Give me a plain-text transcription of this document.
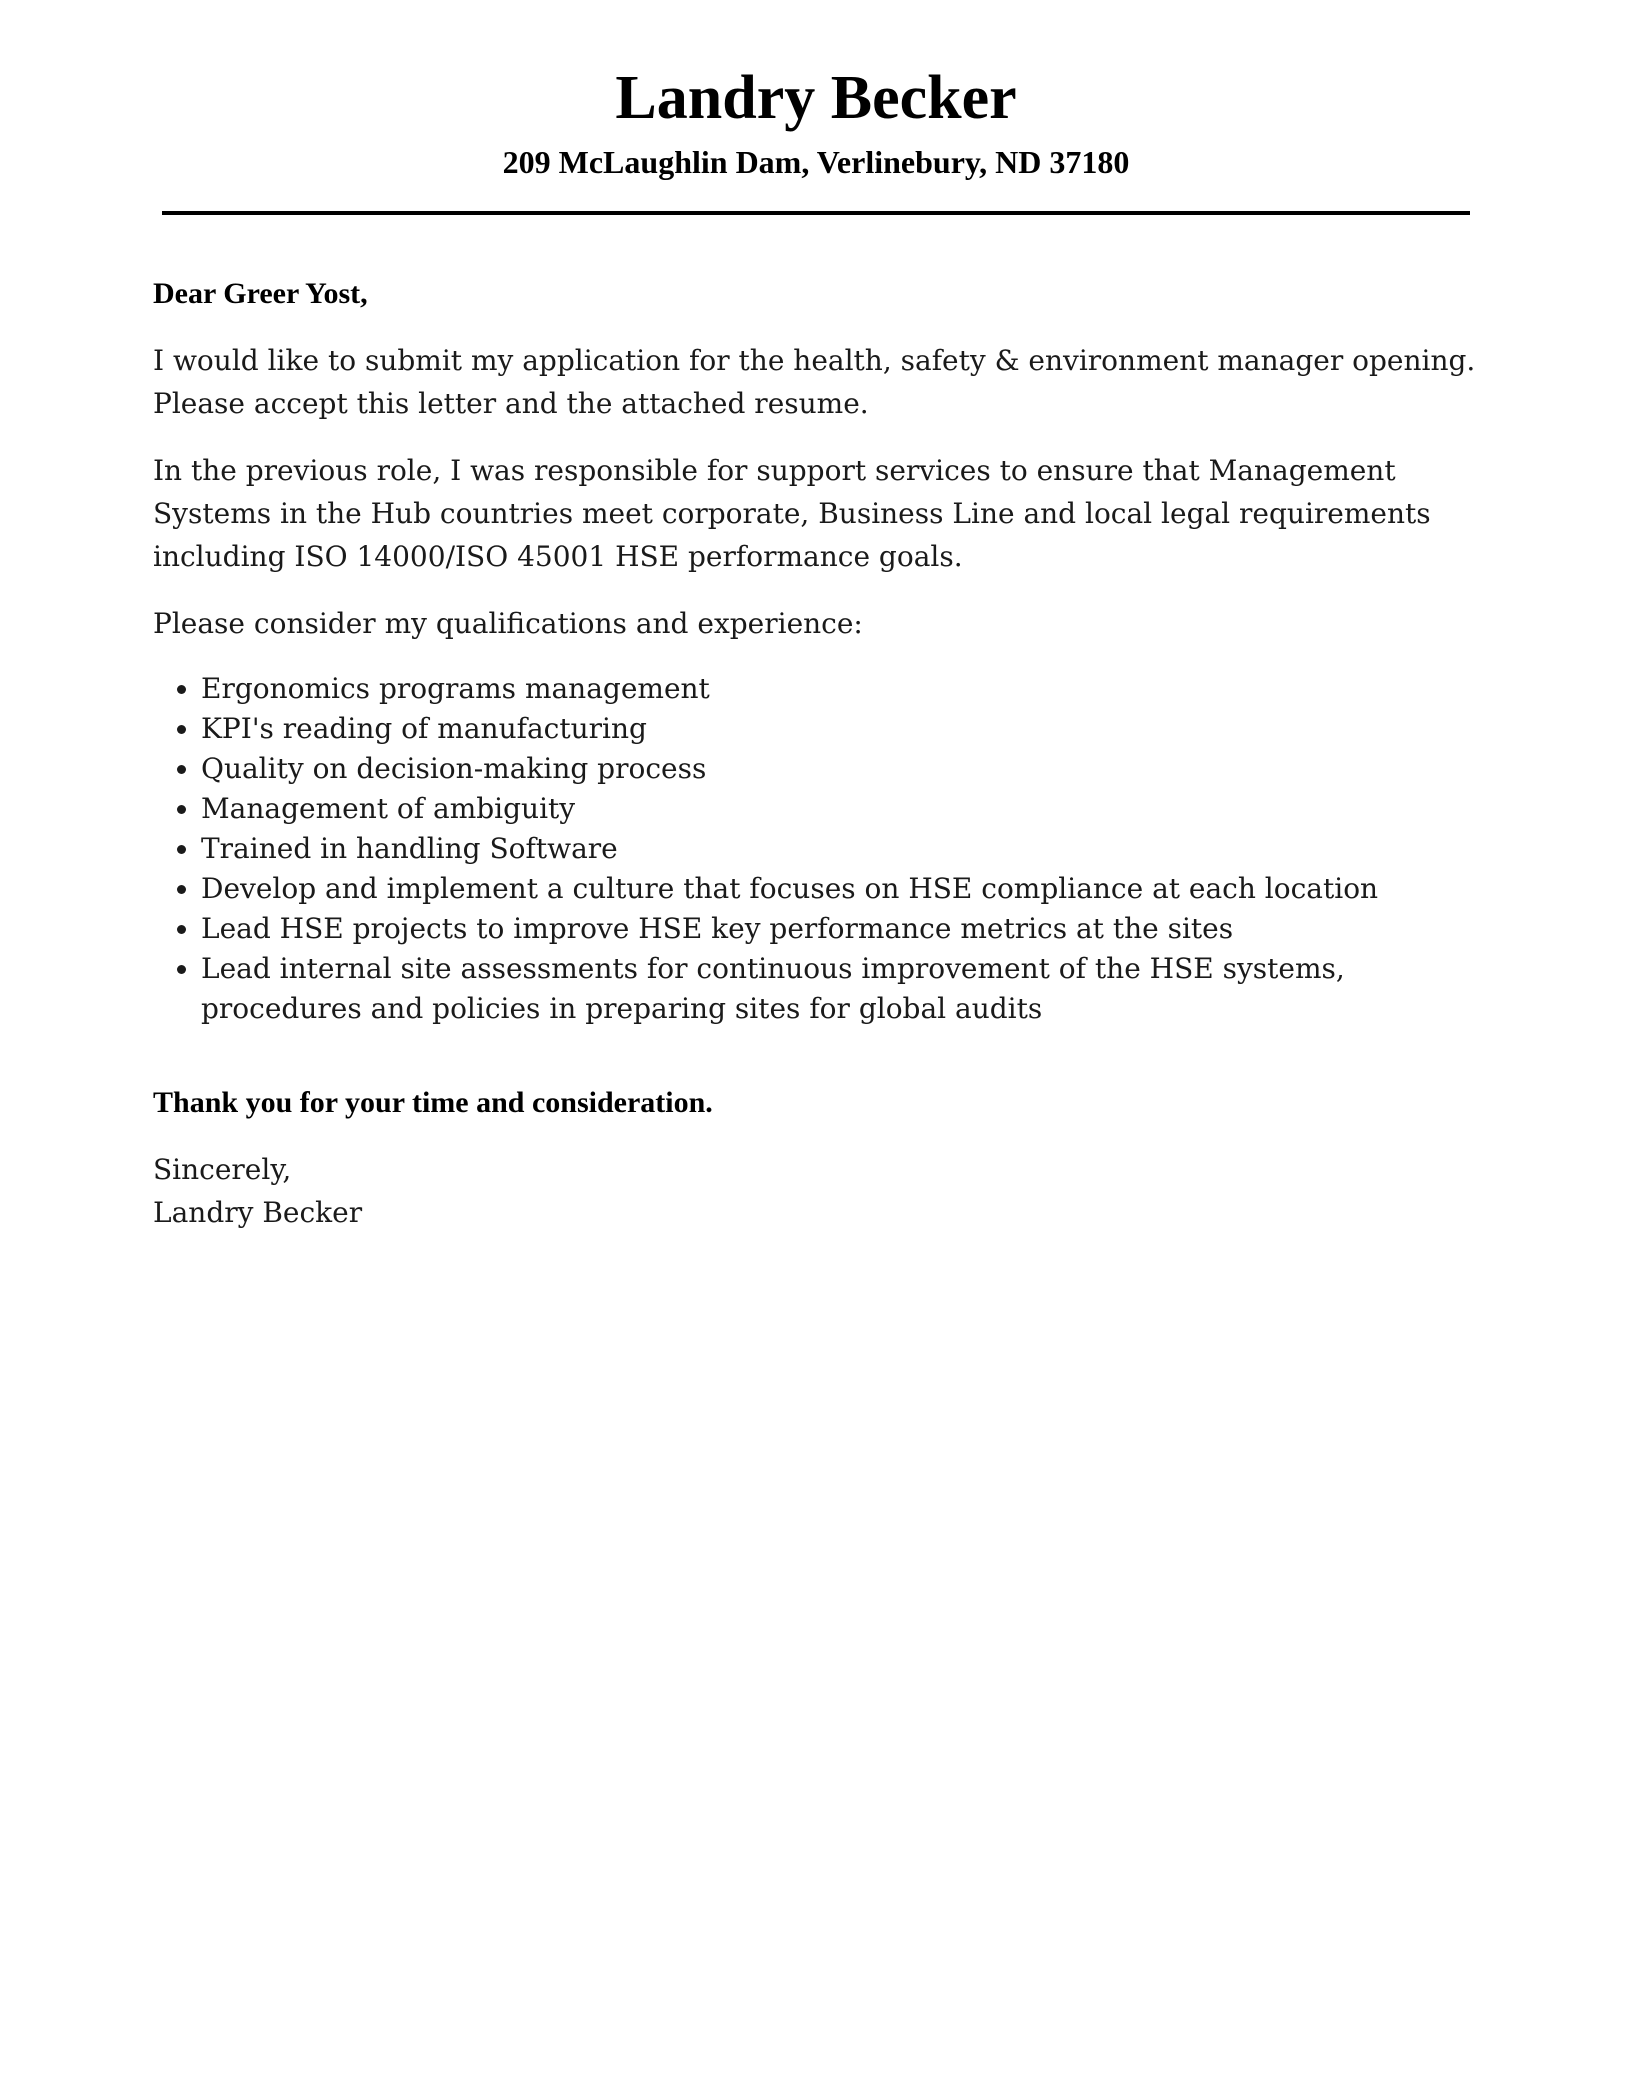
Landry Becker
209 McLaughlin Dam, Verlinebury, ND 37180

Dear Greer Yost,

I would like to submit my application for the health, safety & environment manager opening. Please accept this letter and the attached resume.

In the previous role, I was responsible for support services to ensure that Management Systems in the Hub countries meet corporate, Business Line and local legal requirements including ISO 14000/ISO 45001 HSE performance goals.

Please consider my qualifications and experience:

• Ergonomics programs management
• KPI's reading of manufacturing
• Quality on decision-making process
• Management of ambiguity
• Trained in handling Software
• Develop and implement a culture that focuses on HSE compliance at each location
• Lead HSE projects to improve HSE key performance metrics at the sites
• Lead internal site assessments for continuous improvement of the HSE systems, procedures and policies in preparing sites for global audits

Thank you for your time and consideration.

Sincerely,

Landry Becker
